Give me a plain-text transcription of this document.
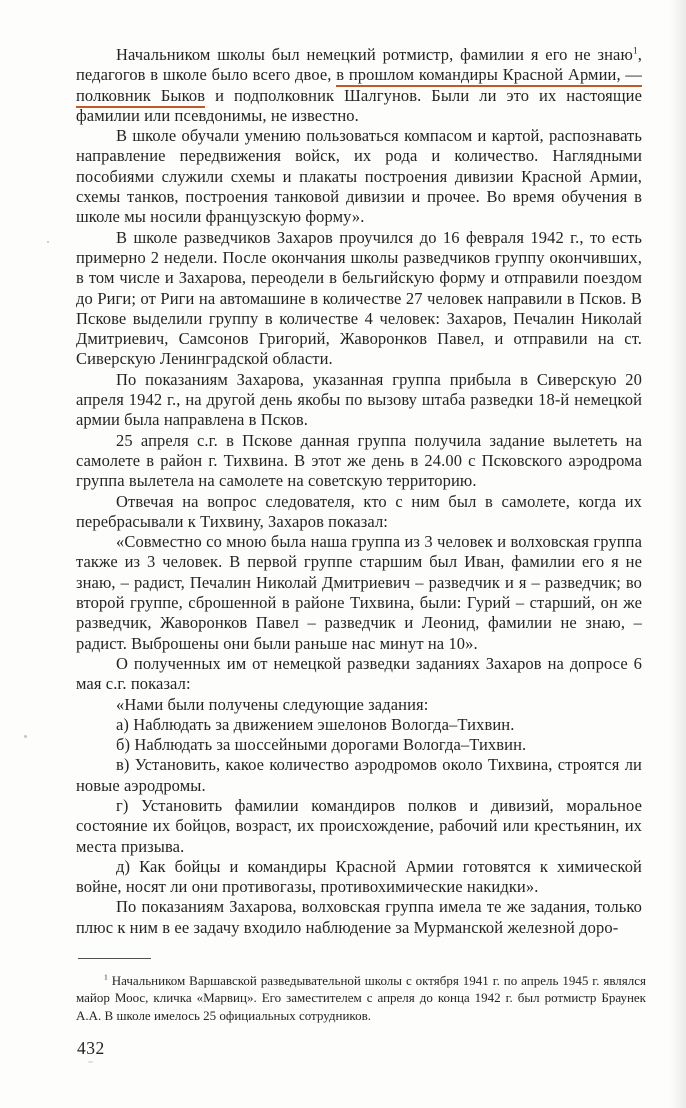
Начальником школы был немецкий ротмистр, фамилии я его не знаю$^1$, педагогов в школе было всего двое, в прошлом командиры Красной Армии, —полковник Быков и подполковник Шалгунов. Были ли это их настоящие фамилии или псевдонимы, не известно.

В школе обучали умению пользоваться компасом и картой, распознавать направление передвижения войск, их рода и количество. Наглядными пособиями служили схемы и плакаты построения дивизии Красной Армии, схемы танков, построения танковой дивизии и прочее. Во время обучения в школе мы носили французскую форму».

В школе разведчиков Захаров проучился до 16 февраля 1942 г., то есть примерно 2 недели. После окончания школы разведчиков группу окончивших, в том числе и Захарова, переодели в бельгийскую форму и отправили поездом до Риги; от Риги на автомашине в количестве 27 человек направили в Псков. В Пскове выделили группу в количестве 4 человек: Захаров, Печалин Николай Дмитриевич, Самсонов Григорий, Жаворонков Павел, и отправили на ст. Сиверскую Ленинградской области.

По показаниям Захарова, указанная группа прибыла в Сиверскую 20 апреля 1942 г., на другой день якобы по вызову штаба разведки 18-й немецкой армии была направлена в Псков.

25 апреля с.г. в Пскове данная группа получила задание вылететь на самолете в район г. Тихвина. В этот же день в 24.00 с Псковского аэродрома группа вылетела на самолете на советскую территорию.

Отвечая на вопрос следователя, кто с ним был в самолете, когда их перебрасывали к Тихвину, Захаров показал:

«Совместно со мною была наша группа из 3 человек и волховская группа также из 3 человек. В первой группе старшим был Иван, фамилии его я не знаю, – радист, Печалин Николай Дмитриевич – разведчик и я – разведчик; во второй группе, сброшенной в районе Тихвина, были: Гурий – старший, он же разведчик, Жаворонков Павел – разведчик и Леонид, фамилии не знаю, – радист. Выброшены они были раньше нас минут на 10».

О полученных им от немецкой разведки заданиях Захаров на допросе 6 мая с.г. показал:

«Нами были получены следующие задания:

а) Наблюдать за движением эшелонов Вологда–Тихвин.

б) Наблюдать за шоссейными дорогами Вологда–Тихвин.

в) Установить, какое количество аэродромов около Тихвина, строятся ли новые аэродромы.

г) Установить фамилии командиров полков и дивизий, моральное состояние их бойцов, возраст, их происхождение, рабочий или крестьянин, их места призыва.

д) Как бойцы и командиры Красной Армии готовятся к химической войне, носят ли они противогазы, противохимические накидки».

По показаниям Захарова, волховская группа имела те же задания, только плюс к ним в ее задачу входило наблюдение за Мурманской железной доро-

$^1$ Начальником Варшавской разведывательной школы с октября 1941 г. по апрель 1945 г. являлся майор Моос, кличка «Марвиц». Его заместителем с апреля до конца 1942 г. был ротмистр Браунек А.А. В школе имелось 25 официальных сотрудников.

432
